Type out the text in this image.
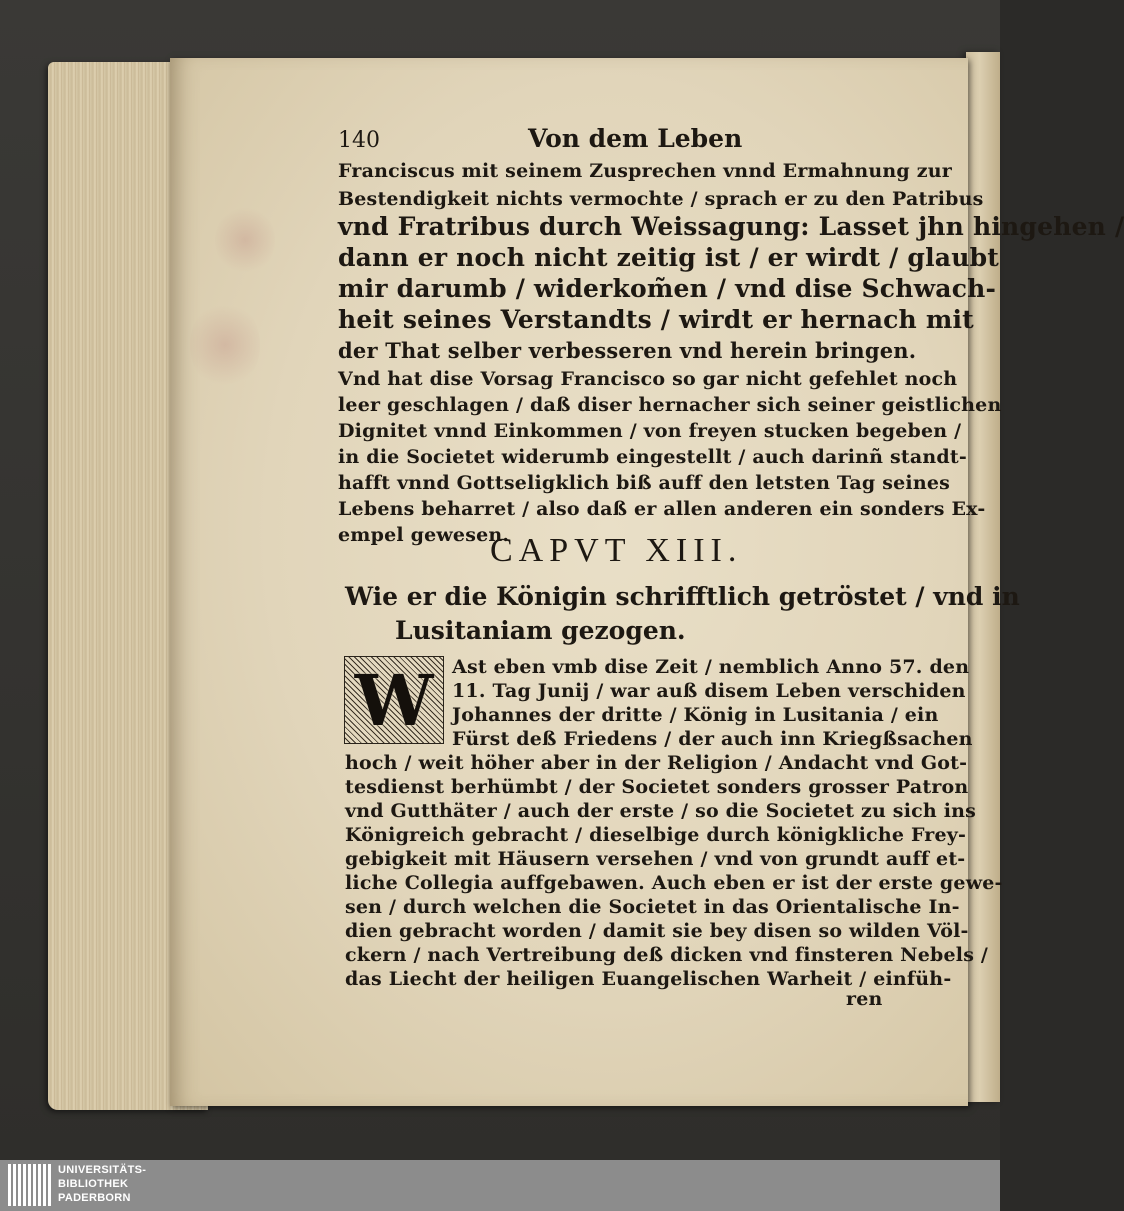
140	Von dem Leben
Franciscus mit seinem Zusprechen vnnd Ermahnung zur
Bestendigkeit nichts vermochte / sprach er zu den Patribus
vnd Fratribus durch Weissagung: Lasset jhn hingehen /
dann er noch nicht zeitig ist / er wirdt / glaubt
mir darumb / widerkom̃en / vnd dise Schwach-
heit seines Verstandts / wirdt er hernach mit
der That selber verbesseren vnd herein bringen.
Vnd hat dise Vorsag Francisco so gar nicht gefehlet noch
leer geschlagen / daß diser hernacher sich seiner geistlichen
Dignitet vnnd Einkommen / von freyen stucken begeben /
in die Societet widerumb eingestellt / auch darinñ standt-
hafft vnnd Gottseligklich biß auff den letsten Tag seines
Lebens beharret / also daß er allen anderen ein sonders Ex-
empel gewesen.
CAPVT XIII.
Wie er die Königin schrifftlich getröstet / vnd in
Lusitaniam gezogen.
W Ast eben vmb dise Zeit / nemblich Anno 57. den
11. Tag Junij / war auß disem Leben verschiden
Johannes der dritte / König in Lusitania / ein
Fürst deß Friedens / der auch inn Kriegßsachen
hoch / weit höher aber in der Religion / Andacht vnd Got-
tesdienst berhümbt / der Societet sonders grosser Patron
vnd Gutthäter / auch der erste / so die Societet zu sich ins
Königreich gebracht / dieselbige durch königkliche Frey-
gebigkeit mit Häusern versehen / vnd von grundt auff et-
liche Collegia auffgebawen. Auch eben er ist der erste gewe-
sen / durch welchen die Societet in das Orientalische In-
dien gebracht worden / damit sie bey disen so wilden Völ-
ckern / nach Vertreibung deß dicken vnd finsteren Nebels /
das Liecht der heiligen Euangelischen Warheit / einfüh-
ren
UNIVERSITÄTS-
BIBLIOTHEK
PADERBORN
